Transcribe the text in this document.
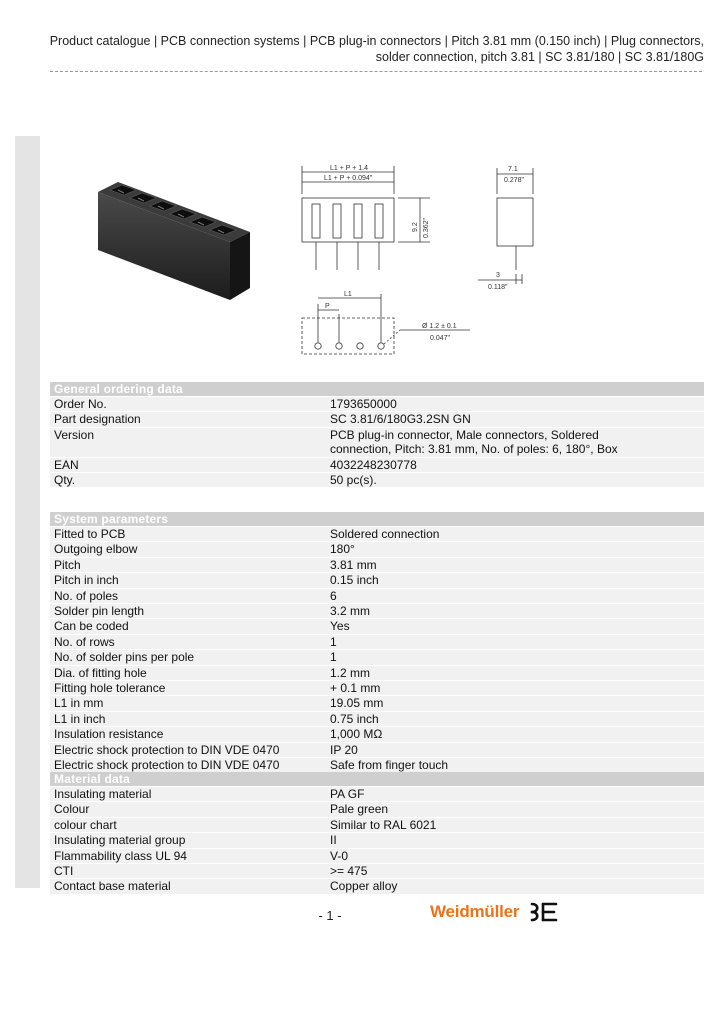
Product catalogue | PCB connection systems | PCB plug-in connectors | Pitch 3.81 mm (0.150 inch) | Plug connectors, solder connection, pitch 3.81 | SC 3.81/180 | SC 3.81/180G
L1 + P + 1.4
L1 + P + 0.094"
7.1
0.278"
3
0.118"
L1
P
Ø 1.2 ± 0.1
0.047"
9.2 0.362"
General ordering data
Order No.	1793650000
Part designation	SC 3.81/6/180G3.2SN GN
Version	PCB plug-in connector, Male connectors, Soldered connection, Pitch: 3.81 mm, No. of poles: 6, 180°, Box
EAN	4032248230778
Qty.	50 pc(s).
System parameters
Fitted to PCB	Soldered connection
Outgoing elbow	180°
Pitch	3.81 mm
Pitch in inch	0.15 inch
No. of poles	6
Solder pin length	3.2 mm
Can be coded	Yes
No. of rows	1
No. of solder pins per pole	1
Dia. of fitting hole	1.2 mm
Fitting hole tolerance	+ 0.1 mm
L1 in mm	19.05 mm
L1 in inch	0.75 inch
Insulation resistance	1,000 MΩ
Electric shock protection to DIN VDE 0470	IP 20
Electric shock protection to DIN VDE 0470	Safe from finger touch
Material data
Insulating material	PA GF
Colour	Pale green
colour chart	Similar to RAL 6021
Insulating material group	II
Flammability class UL 94	V-0
CTI	>= 475
Contact base material	Copper alloy
- 1 -	Weidmüller
